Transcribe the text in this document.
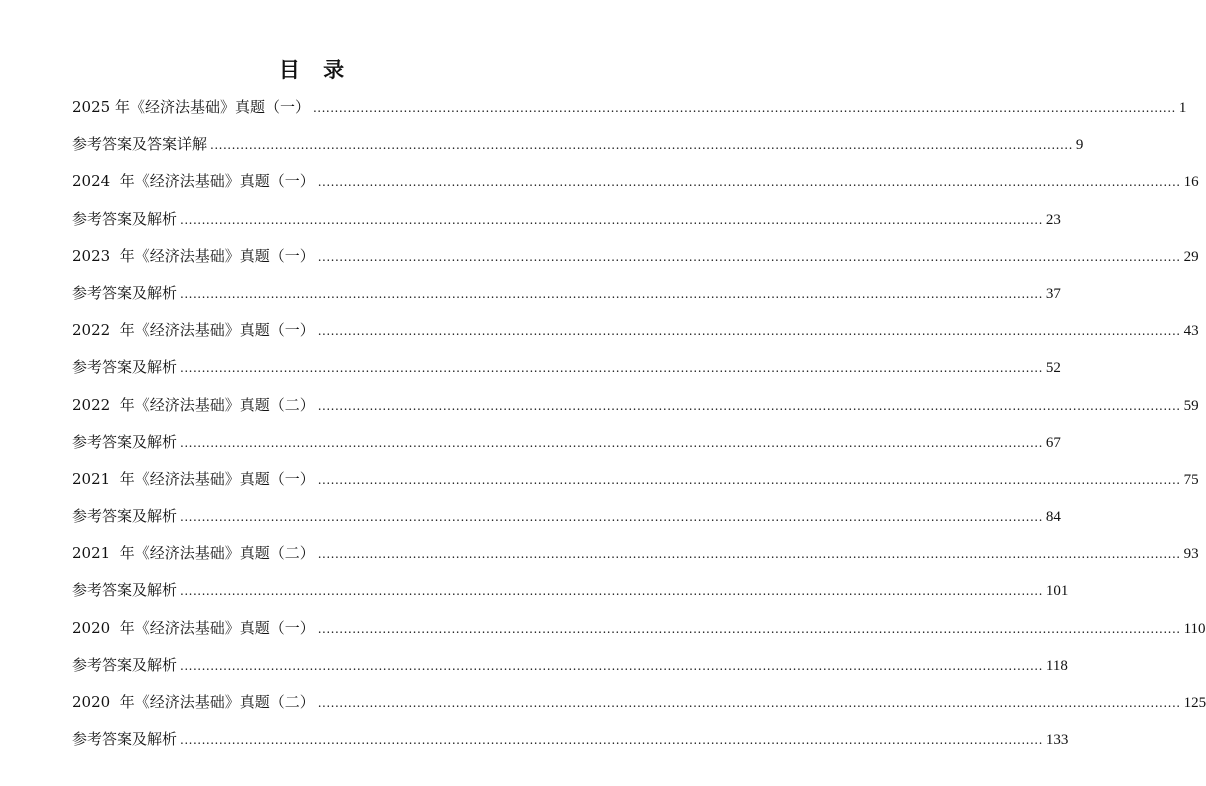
目 录
2025 年《经济法基础》真题（一） ........................................................................................................................................................................................................ 1
参考答案及答案详解 ........................................................................................................................................................................................................ 9
2024  年《经济法基础》真题（一） ........................................................................................................................................................................................................ 16
参考答案及解析 ........................................................................................................................................................................................................ 23
2023  年《经济法基础》真题（一） ........................................................................................................................................................................................................ 29
参考答案及解析 ........................................................................................................................................................................................................ 37
2022  年《经济法基础》真题（一） ........................................................................................................................................................................................................ 43
参考答案及解析 ........................................................................................................................................................................................................ 52
2022  年《经济法基础》真题（二） ........................................................................................................................................................................................................ 59
参考答案及解析 ........................................................................................................................................................................................................ 67
2021  年《经济法基础》真题（一） ........................................................................................................................................................................................................ 75
参考答案及解析 ........................................................................................................................................................................................................ 84
2021  年《经济法基础》真题（二） ........................................................................................................................................................................................................ 93
参考答案及解析 ........................................................................................................................................................................................................ 101
2020  年《经济法基础》真题（一） ........................................................................................................................................................................................................ 110
参考答案及解析 ........................................................................................................................................................................................................ 118
2020  年《经济法基础》真题（二） ........................................................................................................................................................................................................ 125
参考答案及解析 ........................................................................................................................................................................................................ 133
